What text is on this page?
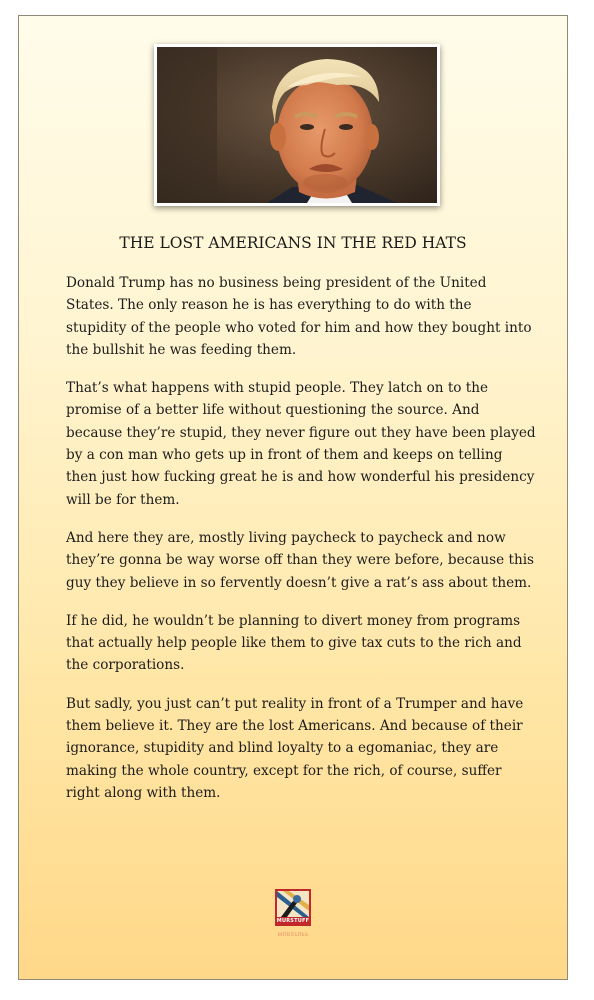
THE LOST AMERICANS IN THE RED HATS

Donald Trump has no business being president of the United States. The only reason he is has everything to do with the stupidity of the people who voted for him and how they bought into the bullshit he was feeding them.

That’s what happens with stupid people. They latch on to the promise of a better life without questioning the source. And because they’re stupid, they never figure out they have been played by a con man who gets up in front of them and keeps on telling then just how fucking great he is and how wonderful his presidency will be for them.

And here they are, mostly living paycheck to paycheck and now they’re gonna be way worse off than they were before, because this guy they believe in so fervently doesn’t give a rat’s ass about them.

If he did, he wouldn’t be planning to divert money from programs that actually help people like them to give tax cuts to the rich and the corporations.

But sadly, you just can’t put reality in front of a Trumper and have them believe it. They are the lost Americans. And because of their ignorance, stupidity and blind loyalty to a egomaniac, they are making the whole country, except for the rich, of course, suffer right along with them.

MURSTUFF
MURSTUFF
